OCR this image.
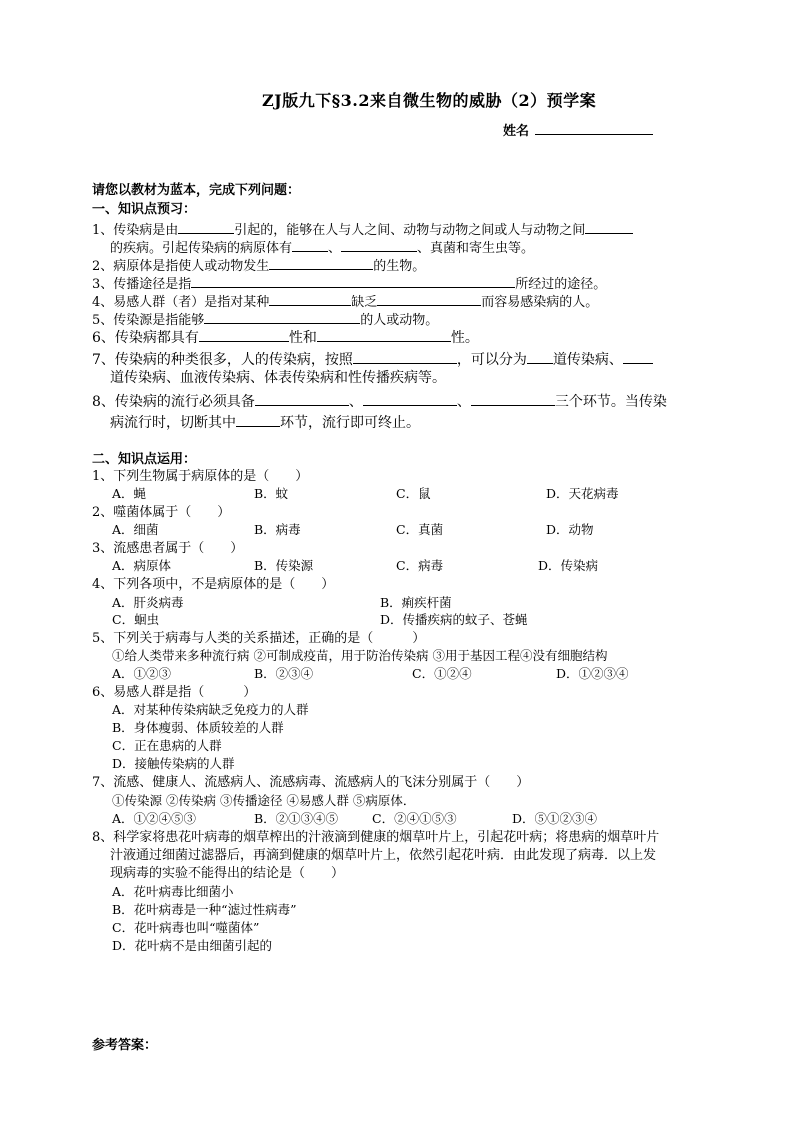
ZJ版九下§3.2来自微生物的威胁（2）预学案
姓名
请您以教材为蓝本，完成下列问题：
一、知识点预习：
1、传染病是由	引起的，能够在人与人之间、动物与动物之间或人与动物之间
的疾病。引起传染病的病原体有	、	、真菌和寄生虫等。
2、病原体是指使人或动物发生	的生物。
3、传播途径是指	所经过的途径。
4、易感人群（者）是指对某种	缺乏	而容易感染病的人。
5、传染源是指能够	的人或动物。
6、传染病都具有	性和	性。
7、传染病的种类很多，人的传染病，按照	，可以分为 道传染病、
道传染病、血液传染病、体表传染病和性传播疾病等。
8、传染病的流行必须具备	、	、	三个环节。当传染
病流行时，切断其中	环节，流行即可终止。
二、知识点运用：
1、下列生物属于病原体的是（　　）
A．蝇	B．蚊	C．鼠	D．天花病毒
2、噬菌体属于（　　）
A．细菌	B．病毒	C．真菌	D．动物
3、流感患者属于（　　）
A．病原体	B．传染源	C．病毒	D．传染病
4、下列各项中，不是病原体的是（　　）
A．肝炎病毒	B．痢疾杆菌
C．蛔虫	D．传播疾病的蚊子、苍蝇
5、下列关于病毒与人类的关系描述，正确的是（　　　）
①给人类带来多种流行病 ②可制成疫苗，用于防治传染病 ③用于基因工程④没有细胞结构
A．①②③	B．②③④	C．①②④	D．①②③④
6、易感人群是指（　　　）
A．对某种传染病缺乏免疫力的人群
B．身体瘦弱、体质较差的人群
C．正在患病的人群
D．接触传染病的人群
7、流感、健康人、流感病人、流感病毒、流感病人的飞沫分别属于（　　）
①传染源 ②传染病 ③传播途径 ④易感人群 ⑤病原体．
A．①②④⑤③	B．②①③④⑤	C．②④①⑤③	D．⑤①②③④
8、科学家将患花叶病毒的烟草榨出的汁液滴到健康的烟草叶片上，引起花叶病；将患病的烟草叶片
汁液通过细菌过滤器后，再滴到健康的烟草叶片上，依然引起花叶病．由此发现了病毒．以上发
现病毒的实验不能得出的结论是（　　）
A．花叶病毒比细菌小
B．花叶病毒是一种“滤过性病毒”
C．花叶病毒也叫“噬菌体”
D．花叶病不是由细菌引起的
参考答案：
